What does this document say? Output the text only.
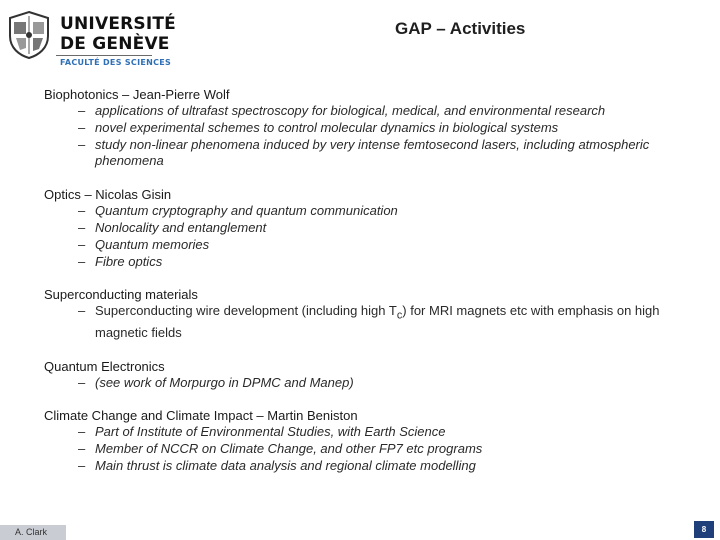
UNIVERSITÉ
DE GENÈVE
FACULTÉ DES SCIENCES
GAP – Activities
Biophotonics – Jean-Pierre Wolf
– applications of ultrafast spectroscopy for biological, medical, and environmental research
– novel experimental schemes to control molecular dynamics in biological systems
– study non-linear phenomena induced by very intense femtosecond lasers, including atmospheric phenomena
Optics – Nicolas Gisin
– Quantum cryptography and quantum communication
– Nonlocality and entanglement
– Quantum memories
– Fibre optics
Superconducting materials
– Superconducting wire development (including high $T_c$) for MRI magnets etc with emphasis on high magnetic fields
Quantum Electronics
– (see work of Morpurgo in DPMC and Manep)
Climate Change and Climate Impact – Martin Beniston
– Part of Institute of Environmental Studies, with Earth Science
– Member of NCCR on Climate Change, and other FP7 etc programs
– Main thrust is climate data analysis and regional climate modelling
A. Clark	8
